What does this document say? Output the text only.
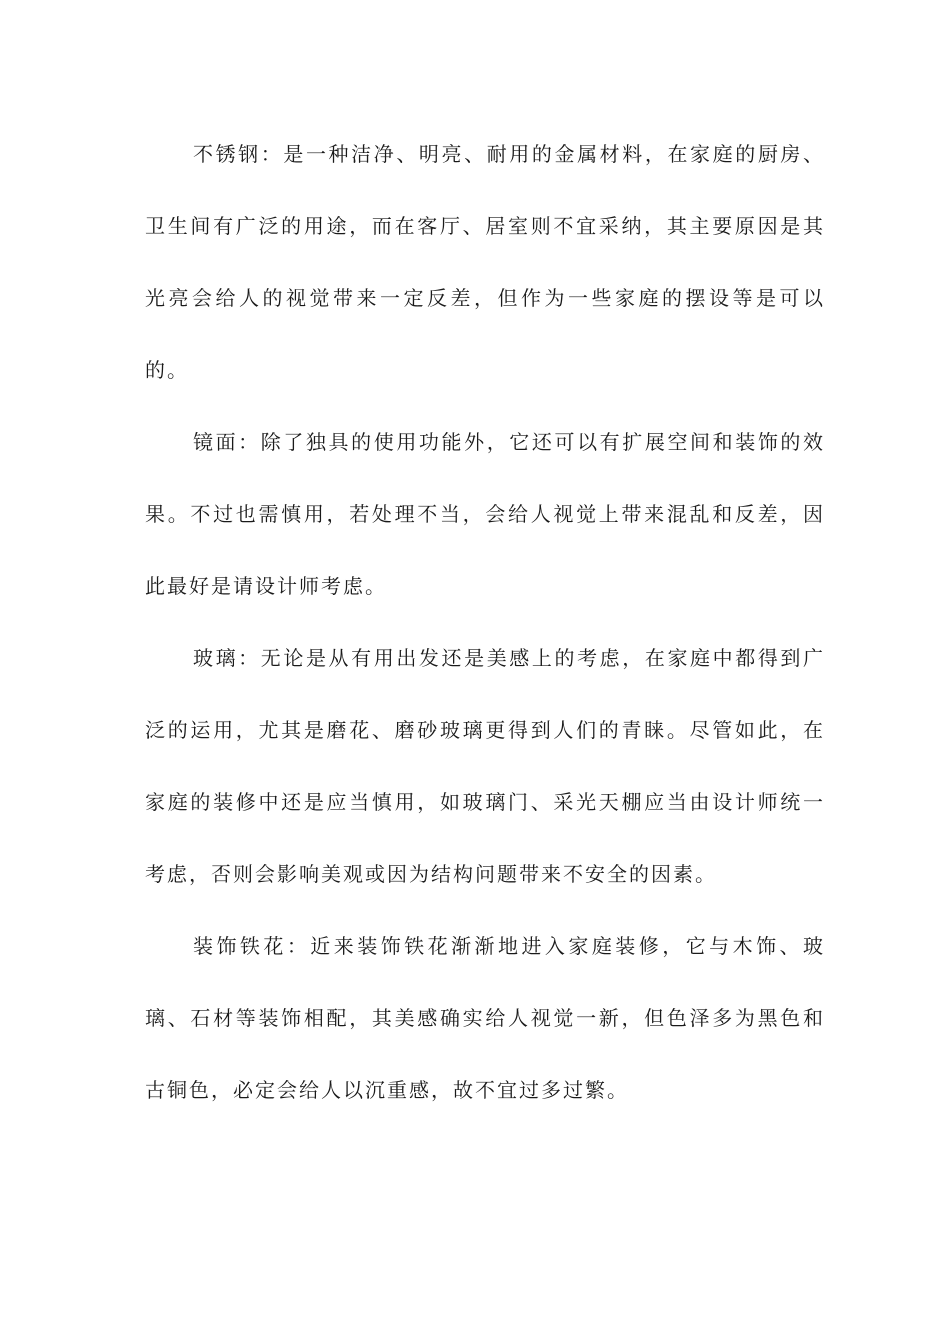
不锈钢：是一种洁净、明亮、耐用的金属材料，在家庭的厨房、卫生间有广泛的用途，而在客厅、居室则不宜采纳，其主要原因是其光亮会给人的视觉带来一定反差，但作为一些家庭的摆设等是可以的。

镜面：除了独具的使用功能外，它还可以有扩展空间和装饰的效果。不过也需慎用，若处理不当，会给人视觉上带来混乱和反差，因此最好是请设计师考虑。

玻璃：无论是从有用出发还是美感上的考虑，在家庭中都得到广泛的运用，尤其是磨花、磨砂玻璃更得到人们的青睐。尽管如此，在家庭的装修中还是应当慎用，如玻璃门、采光天棚应当由设计师统一考虑，否则会影响美观或因为结构问题带来不安全的因素。

装饰铁花：近来装饰铁花渐渐地进入家庭装修，它与木饰、玻璃、石材等装饰相配，其美感确实给人视觉一新，但色泽多为黑色和古铜色，必定会给人以沉重感，故不宜过多过繁。
